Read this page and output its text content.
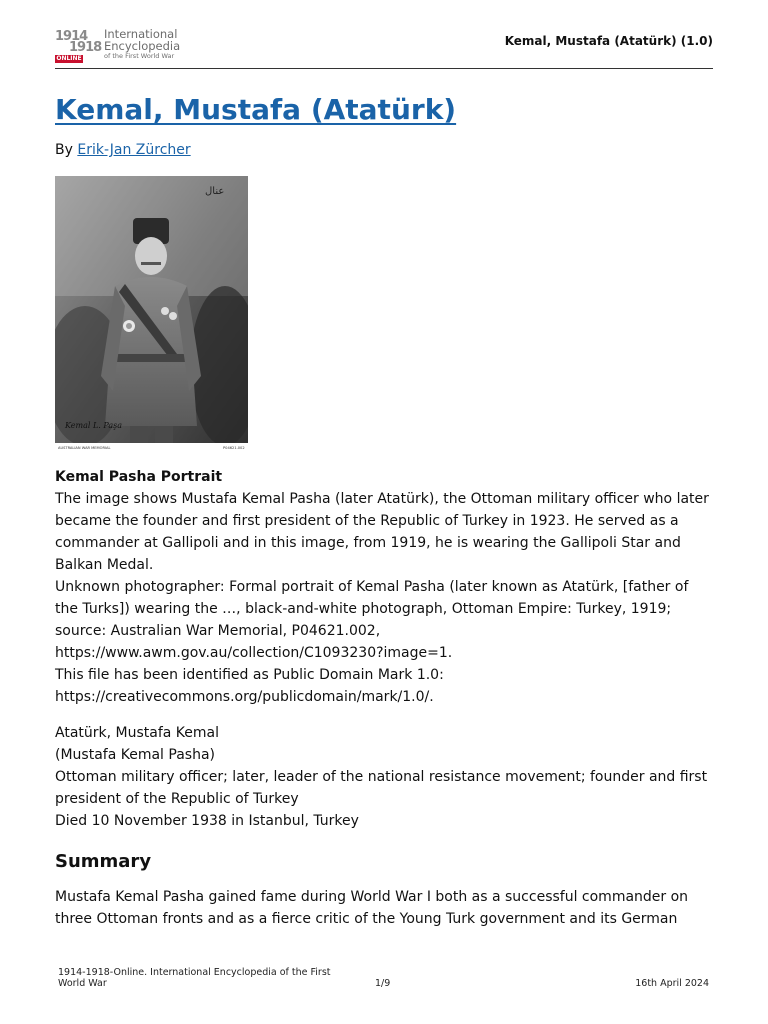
1914
1918
ONLINE
International
Encyclopedia
of the First World War
Kemal, Mustafa (Atatürk) (1.0)
Kemal, Mustafa (Atatürk)
By Erik-Jan Zürcher
Kemal L. Paşa
ﻋﻨﺎﻝ
AUSTRALIAN WAR MEMORIAL	P04621.002

Kemal Pasha Portrait

The image shows Mustafa Kemal Pasha (later Atatürk), the Ottoman military officer who later became the founder and first president of the Republic of Turkey in 1923. He served as a commander at Gallipoli and in this image, from 1919, he is wearing the Gallipoli Star and Balkan Medal.

Unknown photographer: Formal portrait of Kemal Pasha (later known as Atatürk, [father of the Turks]) wearing the …, black-and-white photograph, Ottoman Empire: Turkey, 1919; source: Australian War Memorial, P04621.002,

https://www.awm.gov.au/collection/C1093230?image=1.

This file has been identified as Public Domain Mark 1.0:

https://creativecommons.org/publicdomain/mark/1.0/.

Atatürk, Mustafa Kemal

(Mustafa Kemal Pasha)

Ottoman military officer; later, leader of the national resistance movement; founder and first president of the Republic of Turkey

Died 10 November 1938 in Istanbul, Turkey

Summary

Mustafa Kemal Pasha gained fame during World War I both as a successful commander on three Ottoman fronts and as a fierce critic of the Young Turk government and its German

1914-1918-Online. International Encyclopedia of the First World War	1/9	16th April 2024
